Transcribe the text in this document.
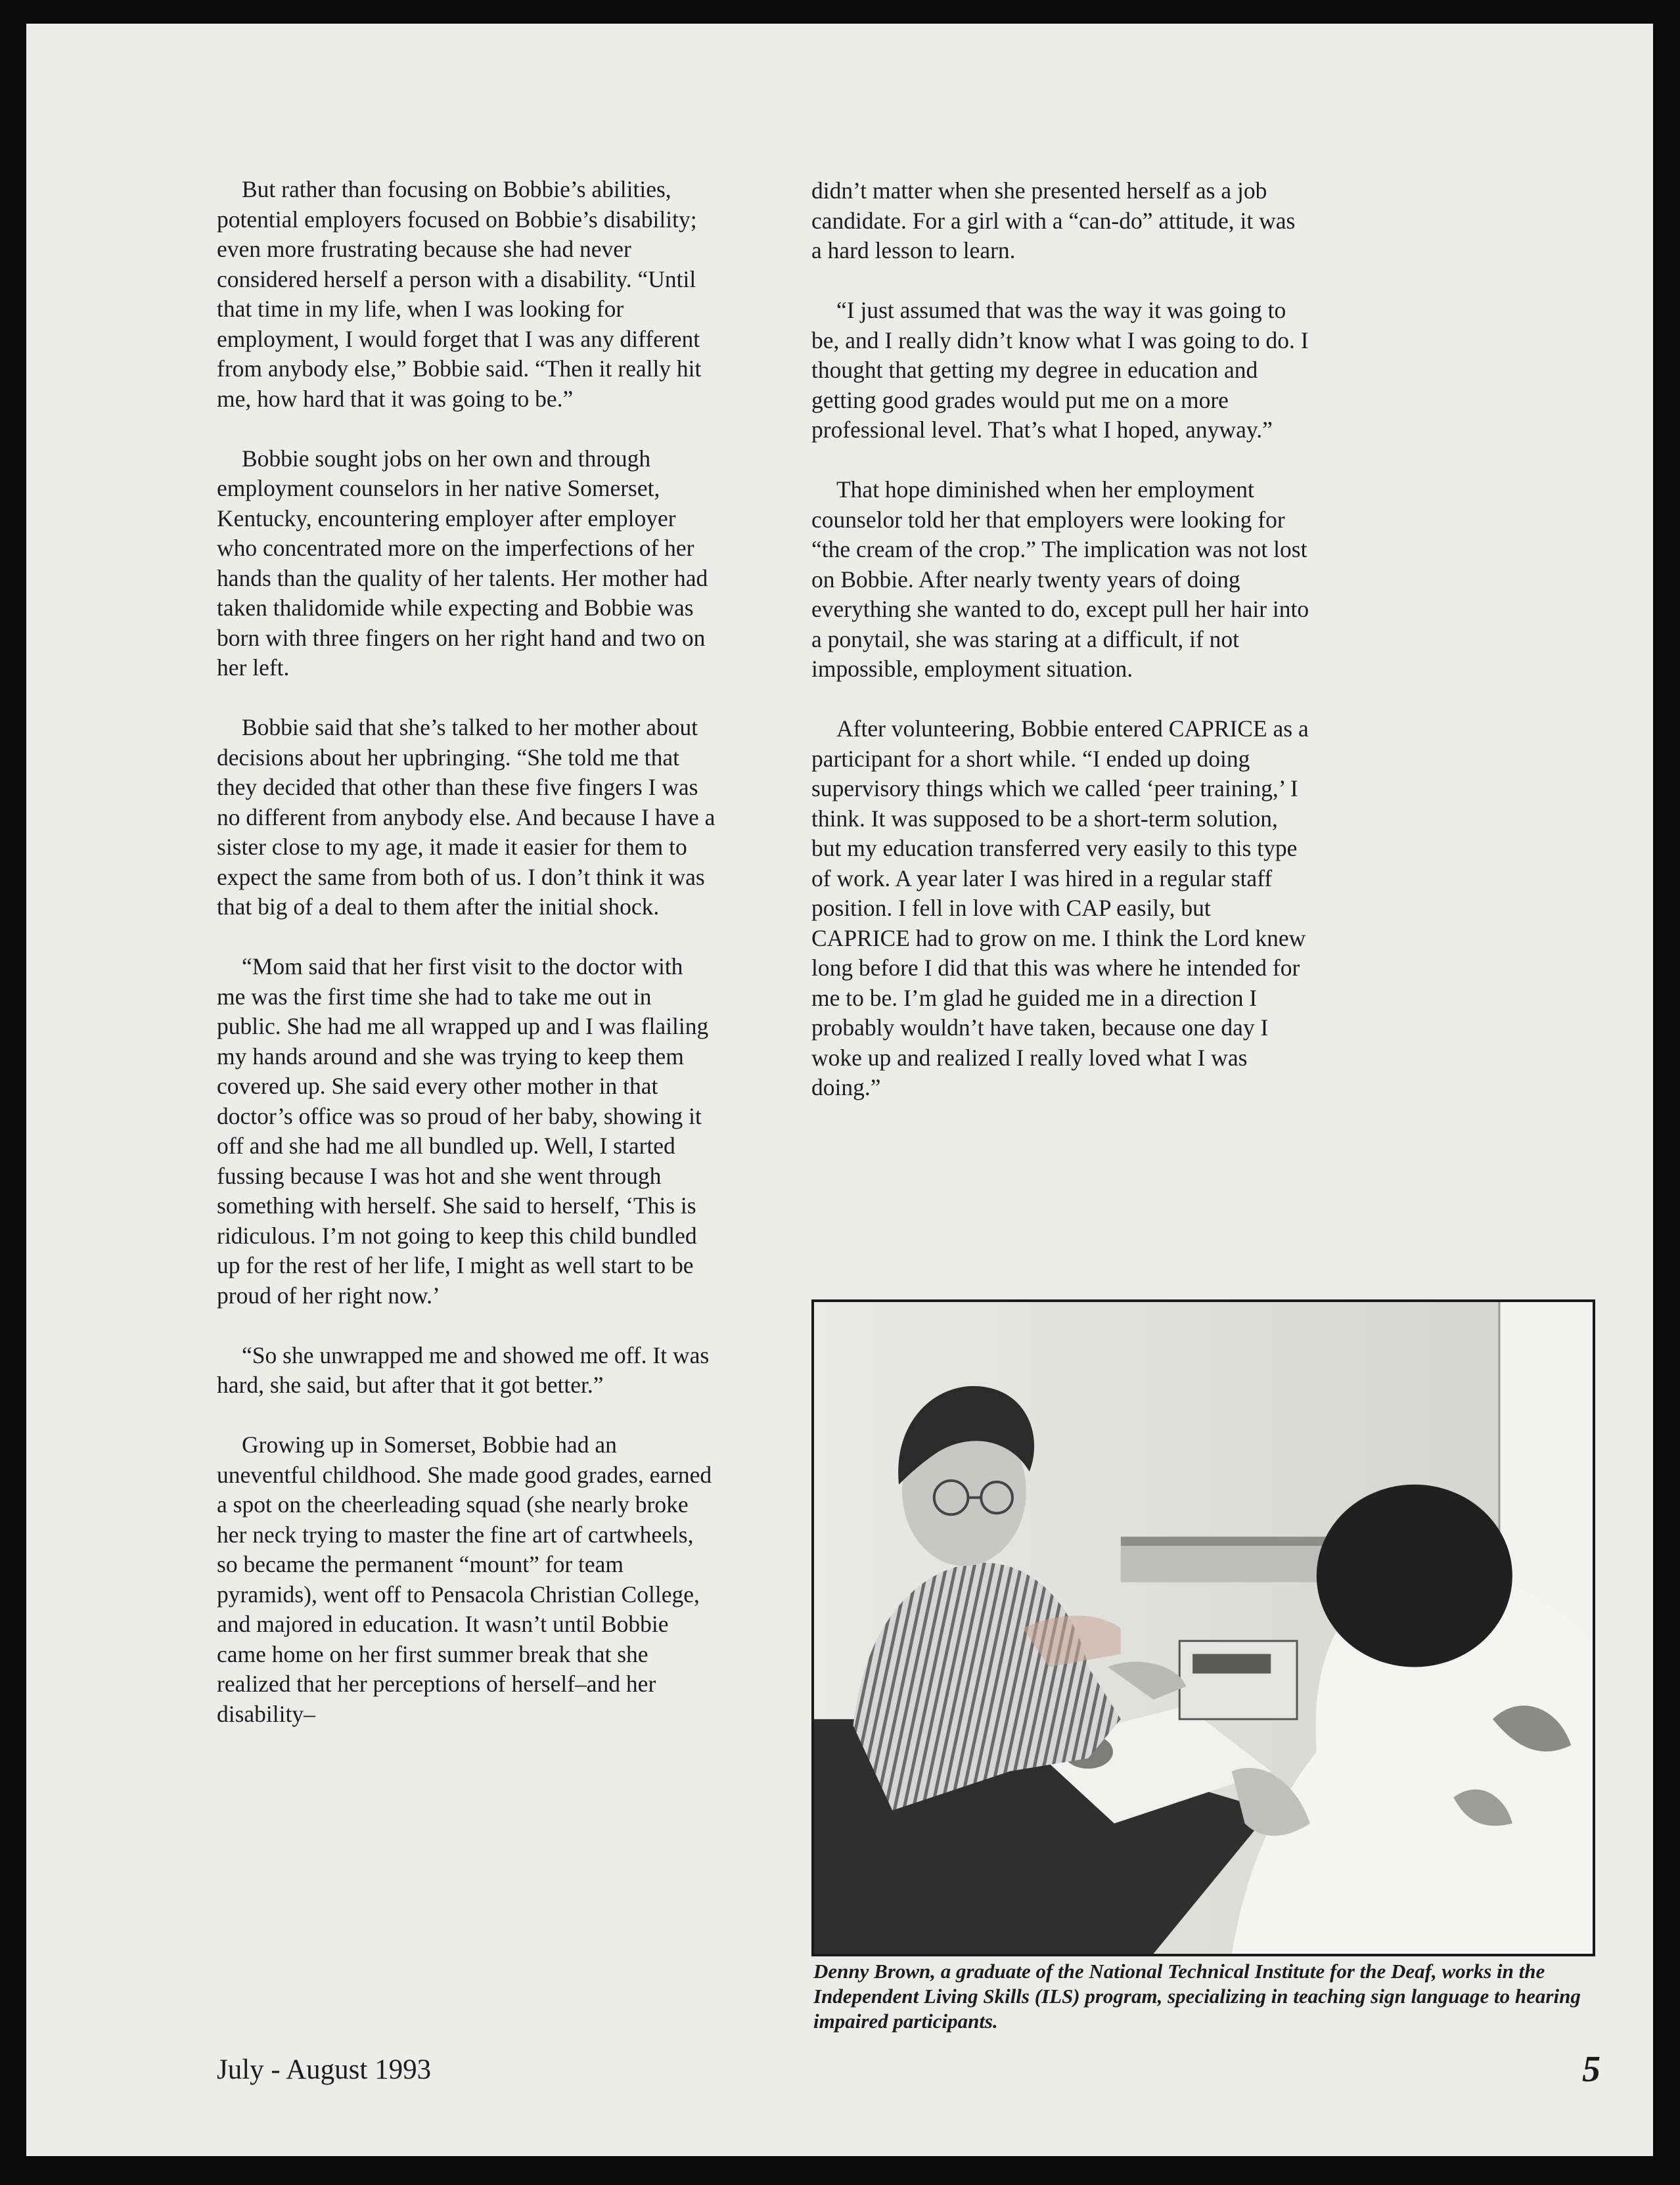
But rather than focusing on Bobbie’s abilities, potential employers focused on Bobbie’s disability; even more frustrating because she had never considered herself a person with a disability. “Until that time in my life, when I was looking for employment, I would forget that I was any different from anybody else,” Bobbie said. “Then it really hit me, how hard that it was going to be.”

Bobbie sought jobs on her own and through employment counselors in her native Somerset, Kentucky, encountering employer after employer who concentrated more on the imperfections of her hands than the quality of her talents. Her mother had taken thalidomide while expecting and Bobbie was born with three fingers on her right hand and two on her left.

Bobbie said that she’s talked to her mother about decisions about her upbringing. “She told me that they decided that other than these five fingers I was no different from anybody else. And because I have a sister close to my age, it made it easier for them to expect the same from both of us. I don’t think it was that big of a deal to them after the initial shock.

“Mom said that her first visit to the doctor with me was the first time she had to take me out in public. She had me all wrapped up and I was flailing my hands around and she was trying to keep them covered up. She said every other mother in that doctor’s office was so proud of her baby, showing it off and she had me all bundled up. Well, I started fussing because I was hot and she went through something with herself. She said to herself, ‘This is ridiculous. I’m not going to keep this child bundled up for the rest of her life, I might as well start to be proud of her right now.’

“So she unwrapped me and showed me off. It was hard, she said, but after that it got better.”

Growing up in Somerset, Bobbie had an uneventful childhood. She made good grades, earned a spot on the cheerleading squad (she nearly broke her neck trying to master the fine art of cartwheels, so became the permanent “mount” for team pyramids), went off to Pensacola Christian College, and majored in education. It wasn’t until Bobbie came home on her first summer break that she realized that her perceptions of herself–and her disability–

didn’t matter when she presented herself as a job candidate. For a girl with a “can-do” attitude, it was a hard lesson to learn.

“I just assumed that was the way it was going to be, and I really didn’t know what I was going to do. I thought that getting my degree in education and getting good grades would put me on a more professional level. That’s what I hoped, anyway.”

That hope diminished when her employment counselor told her that employers were looking for “the cream of the crop.” The implication was not lost on Bobbie. After nearly twenty years of doing everything she wanted to do, except pull her hair into a ponytail, she was staring at a difficult, if not impossible, employment situation.

After volunteering, Bobbie entered CAPRICE as a participant for a short while. “I ended up doing supervisory things which we called ‘peer training,’ I think. It was supposed to be a short-term solution, but my education transferred very easily to this type of work. A year later I was hired in a regular staff position. I fell in love with CAP easily, but CAPRICE had to grow on me. I think the Lord knew long before I did that this was where he intended for me to be. I’m glad he guided me in a direction I probably wouldn’t have taken, because one day I woke up and realized I really loved what I was doing.”

Denny Brown, a graduate of the National Technical Institute for the Deaf, works in the Independent Living Skills (ILS) program, specializing in teaching sign language to hearing impaired participants.
July - August 1993	5
